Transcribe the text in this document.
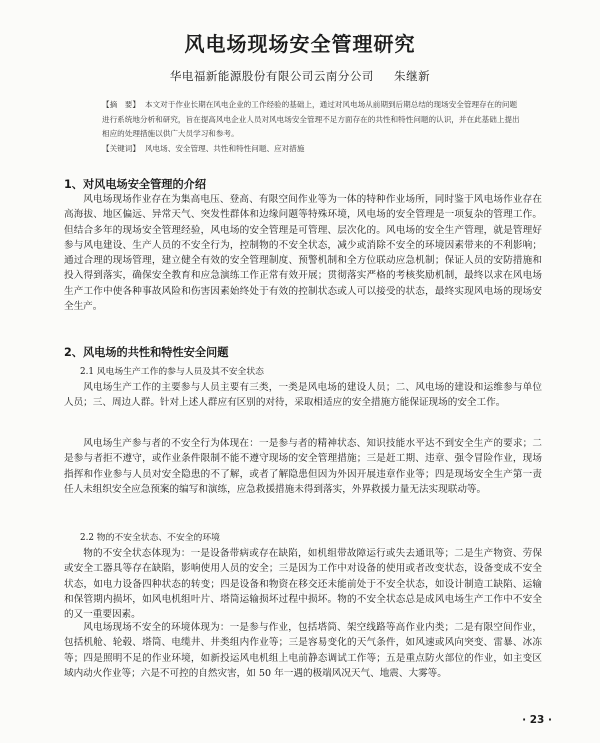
风电场现场安全管理研究

华电福新能源股份有限公司云南分公司 朱继新

【摘　要】 本文对于作业长期在风电企业的工作经验的基础上，通过对风电场从前期到后期总结的现场安全管理存在的问题进行系统地分析和研究，旨在提高风电企业人员对风电场安全管理不足方面存在的共性和特性问题的认识，并在此基础上提出相应的处理措施以供广大员学习和参考。

【关键词】 风电场、安全管理、共性和特性问题、应对措施

1、对风电场安全管理的介绍

风电场现场作业存在为集高电压、登高、有限空间作业等为一体的特种作业场所，同时鉴于风电场作业存在高海拔、地区偏远、异常天气、突发性群体和边缘问题等特殊环境，风电场的安全管理是一项复杂的管理工作。但结合多年的现场安全管理经验，风电场的安全管理是可管理、层次化的。风电场的安全生产管理，就是管理好参与风电建设、生产人员的不安全行为，控制物的不安全状态，减少或消除不安全的环境因素带来的不利影响；通过合理的现场管理，建立健全有效的安全管理制度、预警机制和全方位联动应急机制；保证人员的安防措施和投入得到落实，确保安全教育和应急演练工作正常有效开展；贯彻落实严格的考核奖励机制，最终以求在风电场生产工作中使各种事故风险和伤害因素始终处于有效的控制状态或人可以接受的状态，最终实现风电场的现场安全生产。

2、风电场的共性和特性安全问题
2.1 风电场生产工作的参与人员及其不安全状态

风电场生产工作的主要参与人员主要有三类，一类是风电场的建设人员；二、风电场的建设和运维参与单位人员；三、周边人群。针对上述人群应有区别的对待，采取相适应的安全措施方能保证现场的安全工作。

风电场生产参与者的不安全行为体现在：一是参与者的精神状态、知识技能水平达不到安全生产的要求；二是参与者拒不遵守，或作业条件限制不能不遵守现场的安全管理措施；三是赶工期、违章、强令冒险作业，现场指挥和作业参与人员对安全隐患的不了解，或者了解隐患但因为外因开展违章作业等；四是现场安全生产第一责任人未组织安全应急预案的编写和演练，应急救援措施未得到落实，外界救援力量无法实现联动等。

2.2 物的不安全状态、不安全的环境

物的不安全状态体现为：一是设备带病或存在缺陷，如机组带故障运行或失去通讯等；二是生产物资、劳保或安全工器具等存在缺陷，影响使用人员的安全；三是因为工作中对设备的使用或者改变状态，设备变成不安全状态，如电力设备四种状态的转变；四是设备和物资在移交还未能前处于不安全状态，如设计制造工缺陷、运输和保管期内损坏，如风电机组叶片、塔筒运输损坏过程中损坏。物的不安全状态总是成风电场生产工作中不安全的又一重要因素。

风电场现场不安全的环境体现为：一是参与作业，包括塔筒、架空线路等高作业内类；二是有限空间作业，包括机舱、轮毂、塔筒、电缆井、井类组内作业等；三是容易变化的天气条件，如风速或风向突变、雷暴、冰冻等；四是照明不足的作业环境，如新投运风电机组上电前静态调试工作等；五是重点防火部位的作业，如主变区域内动火作业等；六是不可控的自然灾害，如 50 年一遇的极端风况天气、地震、大雾等。

· 23 ·
